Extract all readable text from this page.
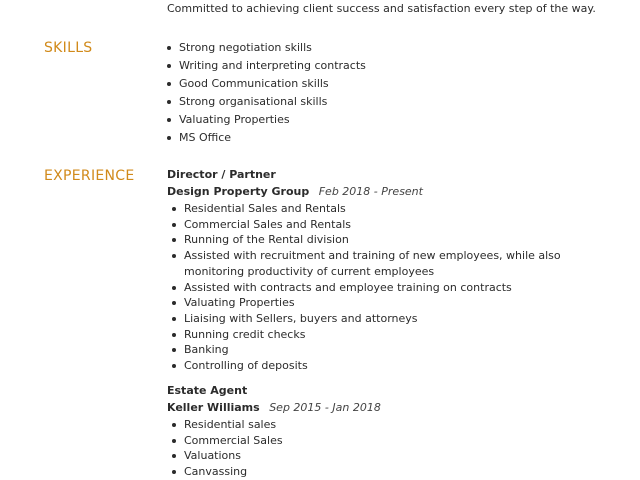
Committed to achieving client success and satisfaction every step of the way.

SKILLS	Strong negotiation skills
Writing and interpreting contracts
Good Communication skills
Strong organisational skills
Valuating Properties
MS Office
EXPERIENCE	Director / Partner

Design Property Group Feb 2018 - Present

Residential Sales and Rentals
Commercial Sales and Rentals
Running of the Rental division
Assisted with recruitment and training of new employees, while also monitoring productivity of current employees
Assisted with contracts and employee training on contracts
Valuating Properties
Liaising with Sellers, buyers and attorneys
Running credit checks
Banking
Controlling of deposits

Estate Agent

Keller Williams Sep 2015 - Jan 2018

Residential sales
Commercial Sales
Valuations
Canvassing
